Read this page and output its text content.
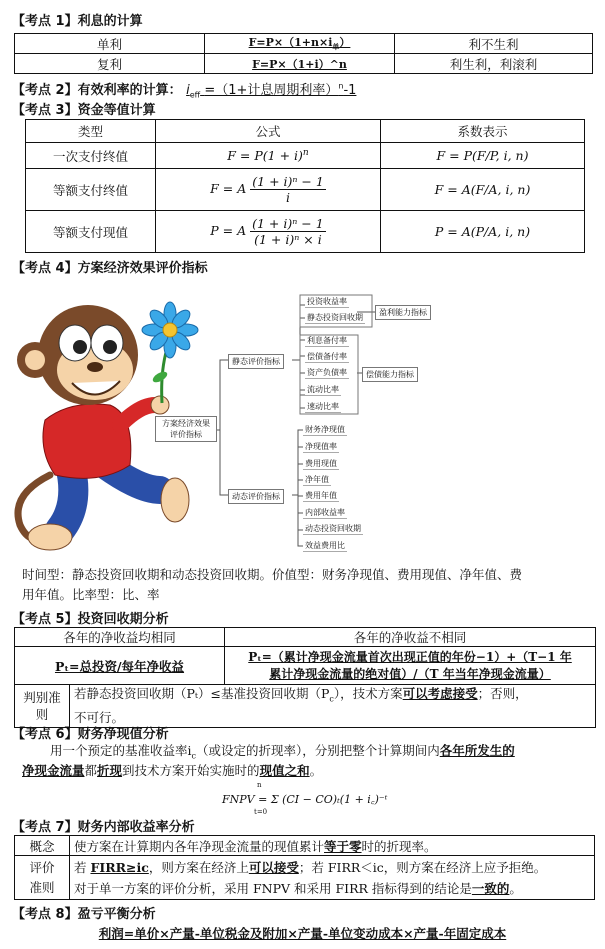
【考点 1】利息的计算
单利	$F=P\times(1+n\times i_单)$	利不生利
复利	F=P×（1+i）^n	利生利，利滚利
【考点 2】有效利率的计算： $i_{eff} =(1+$计息周期利率）$^n$-1
【考点 3】资金等值计算
类型	公式	系数表示
一次支付终值	$F = P(1 + i)^n$	F = P(F/P, i, n)
等额支付终值	F = A $\frac{\text{(1 + i)ⁿ − 1}}{i}$	F = A(F/A, i, n)
等额支付现值	P = A $\frac{\text{(1 + i)ⁿ − 1}}{\text{(1 + i)ⁿ × i}}$	P = A(P/A, i, n)
【考点 4】方案经济效果评价指标
方案经济效果评价指标
静态评价指标
动态评价指标
盈利能力指标
偿债能力指标
投资收益率
静态投资回收期
利息备付率
偿债备付率
资产负债率
流动比率
速动比率
财务净现值
净现值率
费用现值
净年值
费用年值
内部收益率
动态投资回收期
效益费用比
时间型：静态投资回收期和动态投资回收期。价值型：财务净现值、费用现值、净年值、费
用年值。比率型：比、率
【考点 5】投资回收期分析
各年的净收益均相同		各年的净收益不相同
Pₜ=总投资/每年净收益		Pₜ=（累计净现金流量首次出现正值的年份−1）+（T−1 年
累计净现金流量的绝对值）/（T 年当年净现金流量）

判别准则	若静态投资回收期（Pₜ）≤基准投资回收期$(P_c)$，技术方案可以考虑接受；否则，
不可行。	
【考点 6】财务净现值分析
用一个预定的基准收益率$i_c$（或设定的折现率），分别把整个计算期间内各年所发生的
净现金流量都折现到技术方案开始实施时的现值之和。
n
FNPV = Σ (CI − CO)ₜ(1 + i꜀)⁻ᵗ
t=0
【考点 7】财务内部收益率分析
概念	使方案在计算期内各年净现金流量的现值累计等于零时的折现率。
评价准则	若 FIRR≥ic，则方案在经济上可以接受；若 FIRR＜ic，则方案在经济上应予拒绝。
对于单一方案的评价分析，采用 FNPV 和采用 FIRR 指标得到的结论是一致的。
【考点 8】盈亏平衡分析
利润=单价×产量-单位税金及附加×产量-单位变动成本×产量-年固定成本
